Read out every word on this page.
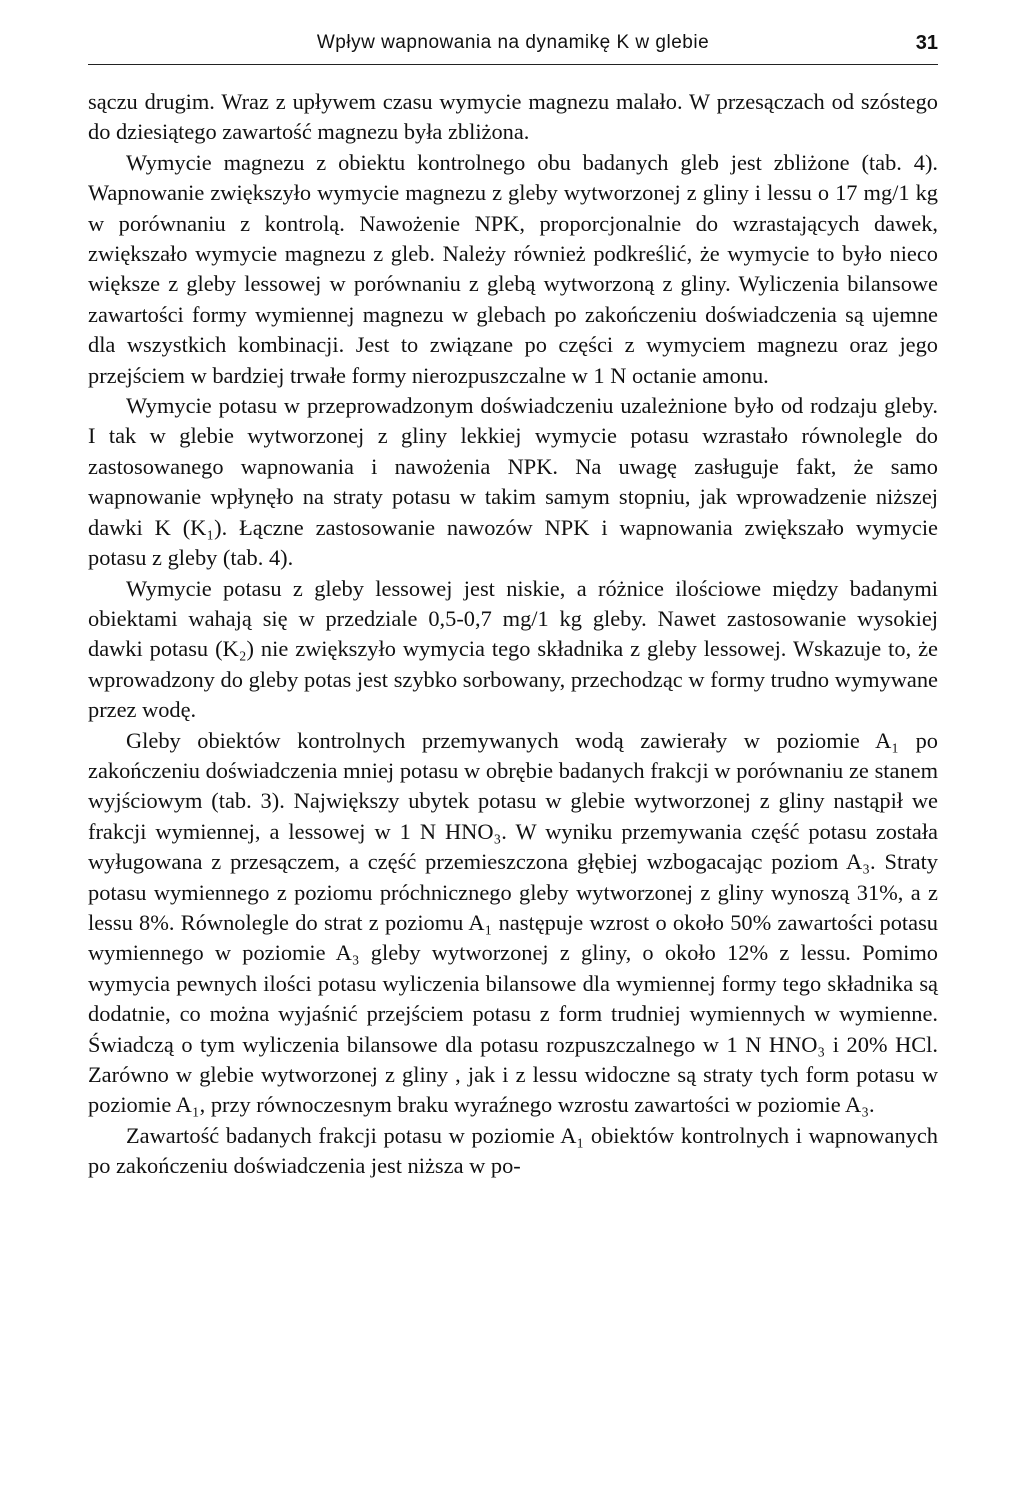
Wpływ wapnowania na dynamikę K w glebie	31

sączu drugim. Wraz z upływem czasu wymycie magnezu malało. W przesączach od szóstego do dziesiątego zawartość magnezu była zbliżona.

Wymycie magnezu z obiektu kontrolnego obu badanych gleb jest zbliżone (tab. 4). Wapnowanie zwiększyło wymycie magnezu z gleby wytworzonej z gliny i lessu o 17 mg/1 kg w porównaniu z kontrolą. Nawożenie NPK, proporcjonalnie do wzrastających dawek, zwiększało wymycie magnezu z gleb. Należy również podkreślić, że wymycie to było nieco większe z gleby lessowej w porównaniu z glebą wytworzoną z gliny. Wyliczenia bilansowe zawartości formy wymiennej magnezu w glebach po zakończeniu doświadczenia są ujemne dla wszystkich kombinacji. Jest to związane po części z wymyciem magnezu oraz jego przejściem w bardziej trwałe formy nierozpuszczalne w 1 N octanie amonu.

Wymycie potasu w przeprowadzonym doświadczeniu uzależnione było od rodzaju gleby. I tak w glebie wytworzonej z gliny lekkiej wymycie potasu wzrastało równolegle do zastosowanego wapnowania i nawożenia NPK. Na uwagę zasługuje fakt, że samo wapnowanie wpłynęło na straty potasu w takim samym stopniu, jak wprowadzenie niższej dawki K (K₁). Łączne zastosowanie nawozów NPK i wapnowania zwiększało wymycie potasu z gleby (tab. 4).

Wymycie potasu z gleby lessowej jest niskie, a różnice ilościowe między badanymi obiektami wahają się w przedziale 0,5-0,7 mg/1 kg gleby. Nawet zastosowanie wysokiej dawki potasu (K₂) nie zwiększyło wymycia tego składnika z gleby lessowej. Wskazuje to, że wprowadzony do gleby potas jest szybko sorbowany, przechodząc w formy trudno wymywane przez wodę.

Gleby obiektów kontrolnych przemywanych wodą zawierały w poziomie A₁ po zakończeniu doświadczenia mniej potasu w obrębie badanych frakcji w porównaniu ze stanem wyjściowym (tab. 3). Największy ubytek potasu w glebie wytworzonej z gliny nastąpił we frakcji wymiennej, a lessowej w 1 N HNO₃. W wyniku przemywania część potasu została wyługowana z przesączem, a część przemieszczona głębiej wzbogacając poziom A₃. Straty potasu wymiennego z poziomu próchnicznego gleby wytworzonej z gliny wynoszą 31%, a z lessu 8%. Równolegle do strat z poziomu A₁ następuje wzrost o około 50% zawartości potasu wymiennego w poziomie A₃ gleby wytworzonej z gliny, o około 12% z lessu. Pomimo wymycia pewnych ilości potasu wyliczenia bilansowe dla wymiennej formy tego składnika są dodatnie, co można wyjaśnić przejściem potasu z form trudniej wymiennych w wymienne. Świadczą o tym wyliczenia bilansowe dla potasu rozpuszczalnego w 1 N HNO₃ i 20% HCl. Zarówno w glebie wytworzonej z gliny , jak i z lessu widoczne są straty tych form potasu w poziomie A₁, przy równoczesnym braku wyraźnego wzrostu zawartości w poziomie A₃.

Zawartość badanych frakcji potasu w poziomie A₁ obiektów kontrolnych i wapnowanych po zakończeniu doświadczenia jest niższa w po-
